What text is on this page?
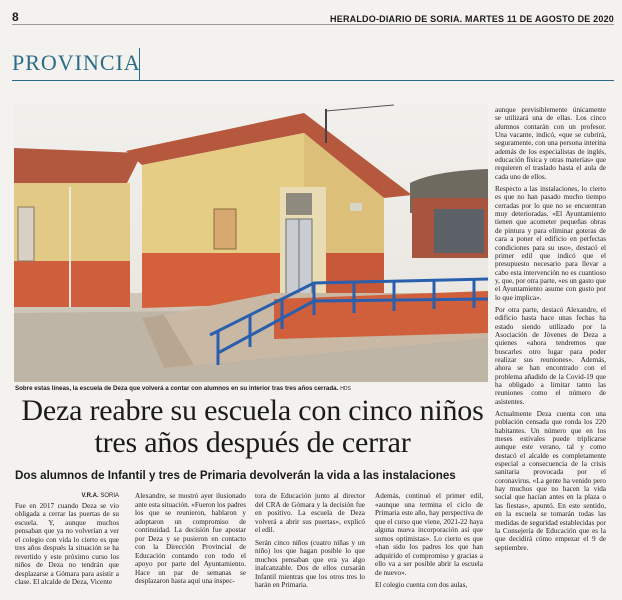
8	HERALDO-DIARIO DE SORIA. MARTES 11 DE AGOSTO DE 2020
PROVINCIA
Sobre estas líneas, la escuela de Deza que volverá a contar con alumnos en su interior tras tres años cerrada. HDS
Deza reabre su escuela con cinco niños tres años después de cerrar
Dos alumnos de Infantil y tres de Primaria devolverán la vida a las instalaciones
V.R.A. SORIA

Fue en 2017 cuando Deza se vio obligada a cerrar las puertas de su escuela. Y, aunque muchos pensaban que ya no volverían a ver el colegio con vida lo cierto es que tres años después la situación se ha revertido y este próximo curso los niños de Deza no tendrán que desplazarse a Gómara para asistir a clase. El alcalde de Deza, Vicente

Alexandre, se mostró ayer ilusionado ante esta situación. «Fueron los padres los que se reunieron, hablaron y adoptaron un compromiso de continuidad. La decisión fue apostar por Deza y se pusieron en contacto con la Dirección Provincial de Educación contando con todo el apoyo por parte del Ayuntamiento. Hace un par de semanas se desplazaron hasta aquí una inspec-

tora de Educación junto al director del CRA de Gómara y la decisión fue en positivo. La escuela de Deza volverá a abrir sus puertas», explicó el edil.

Serán cinco niños (cuatro niñas y un niño) los que hagan posible lo que muchos pensaban que era ya algo inalcanzable. Dos de ellos cursarán Infantil mientras que los otros tres lo harán en Primaria.

Además, continuó el primer edil, «aunque una termina el ciclo de Primaria este año, hay perspectiva de que el curso que viene, 2021-22 haya alguna nueva incorporación así que somos optimistas». Lo cierto es que «han sido los padres los que han adquirido el compromiso y gracias a ello va a ser posible abrir la escuela de nuevo».

El colegio cuenta con dos aulas,

aunque previsiblemente únicamente se utilizará una de ellas. Los cinco alumnos contarán con un profesor. Una vacante, indicó, «que se cubrirá, seguramente, con una persona interina además de los especialistas de inglés, educación física y otras materias» que requieren el traslado hasta el aula de cada uno de ellos.

Respecto a las instalaciones, lo cierto es que no han pasado mucho tiempo cerradas por lo que no se encuentran muy deterioradas. «El Ayuntamiento tienen que acometer pequeñas obras de pintura y para eliminar goteras de cara a poner el edificio en perfectas condiciones para su uso», destacó el primer edil que indicó que el presupuesto necesario para llevar a cabo esta intervención no es cuantioso y, que, por otra parte, «es un gasto que el Ayuntamiento asume con gusto por lo que implica».

Por otra parte, destacó Alexandre, el edificio hasta hace unas fechas ha estado siendo utilizado por la Asociación de Jóvenes de Deza a quienes «ahora tendremos que buscarles otro lugar para poder realizar sus reuniones». Además, ahora se han encontrado con el problema añadido de la Covid-19 que ha obligado a limitar tanto las reuniones como el número de asistentes.

Actualmente Deza cuenta con una población censada que ronda los 220 habitantes. Un número que en los meses estivales puede triplicarse aunque este verano, tal y como destacó el alcalde es completamente especial a consecuencia de la crisis sanitaria provocada por el coronavirus. «La gente ha venido pero hay muchos que no hacen la vida social que hacían antes en la plaza o las fiestas», apuntó. En este sentido, en la escuela se tomarán todas las medidas de seguridad establecidas por la Consejería de Educación que es la que decidirá cómo empezar el 9 de septiembre.
